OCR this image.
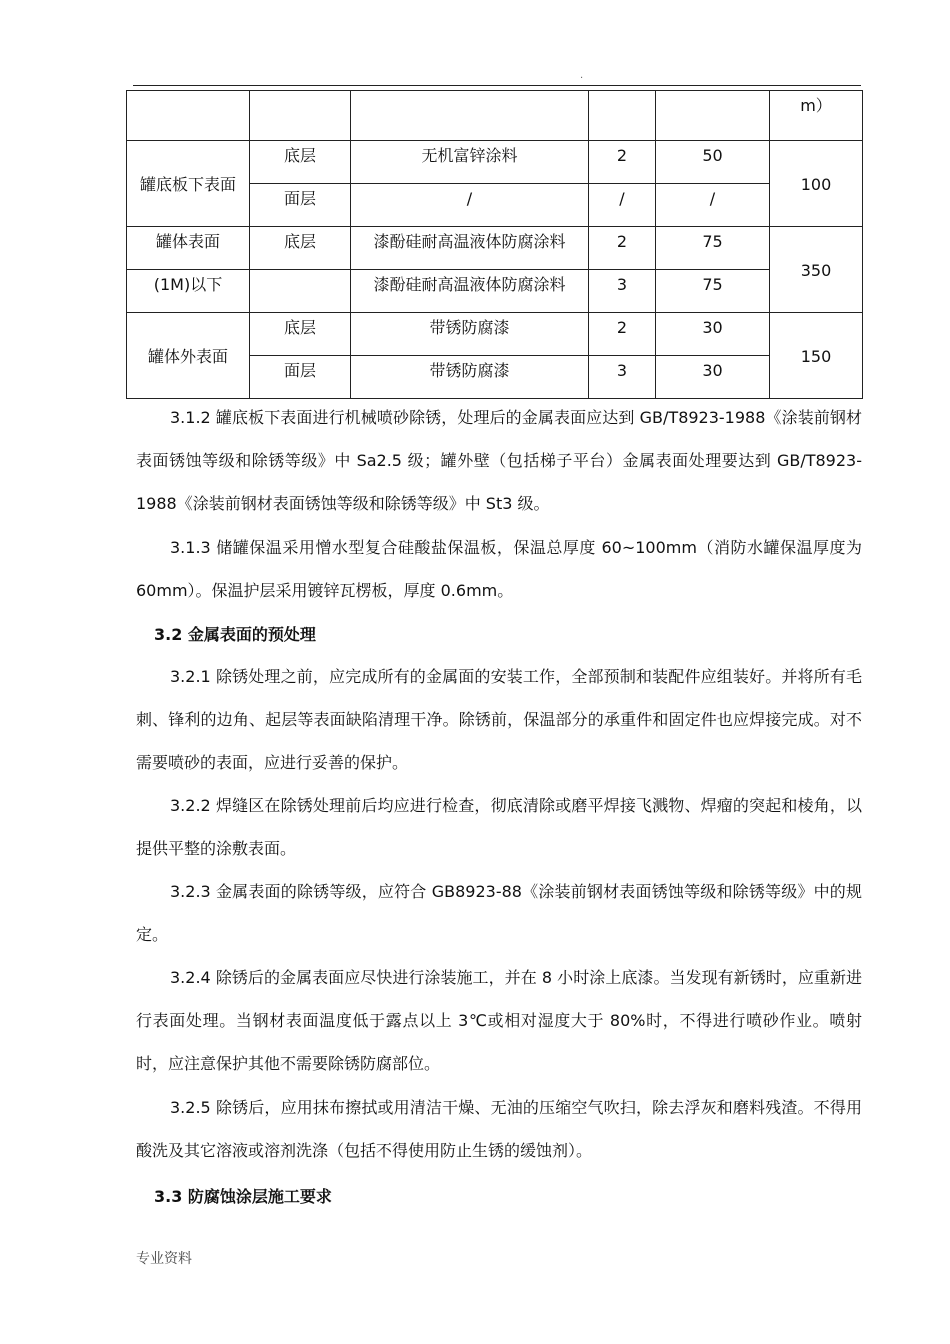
.
					m）
罐底板下表面	底层	无机富锌涂料	2	50	100
	面层	/	/	/	
罐体表面	底层	漆酚硅耐高温液体防腐涂料	2	75	350
(1M)以下		漆酚硅耐高温液体防腐涂料	3	75	
罐体外表面	底层	带锈防腐漆	2	30	150
	面层	带锈防腐漆	3	30	

3.1.2 罐底板下表面进行机械喷砂除锈，处理后的金属表面应达到 GB/T8923-1988《涂装前钢材表面锈蚀等级和除锈等级》中 Sa2.5 级；罐外壁（包括梯子平台）金属表面处理要达到 GB/T8923-1988《涂装前钢材表面锈蚀等级和除锈等级》中 St3 级。

3.1.3 储罐保温采用憎水型复合硅酸盐保温板，保温总厚度 60~100mm（消防水罐保温厚度为 60mm）。保温护层采用镀锌瓦楞板，厚度 0.6mm。

3.2 金属表面的预处理

3.2.1 除锈处理之前，应完成所有的金属面的安装工作，全部预制和装配件应组装好。并将所有毛刺、锋利的边角、起层等表面缺陷清理干净。除锈前，保温部分的承重件和固定件也应焊接完成。对不需要喷砂的表面，应进行妥善的保护。

3.2.2 焊缝区在除锈处理前后均应进行检查，彻底清除或磨平焊接飞溅物、焊瘤的突起和棱角，以提供平整的涂敷表面。

3.2.3 金属表面的除锈等级，应符合 GB8923-88《涂装前钢材表面锈蚀等级和除锈等级》中的规定。

3.2.4 除锈后的金属表面应尽快进行涂装施工，并在 8 小时涂上底漆。当发现有新锈时，应重新进行表面处理。当钢材表面温度低于露点以上 3℃或相对湿度大于 80%时，不得进行喷砂作业。喷射时，应注意保护其他不需要除锈防腐部位。

3.2.5 除锈后，应用抹布擦拭或用清洁干燥、无油的压缩空气吹扫，除去浮灰和磨料残渣。不得用酸洗及其它溶液或溶剂洗涤（包括不得使用防止生锈的缓蚀剂）。

3.3 防腐蚀涂层施工要求

专业资料
